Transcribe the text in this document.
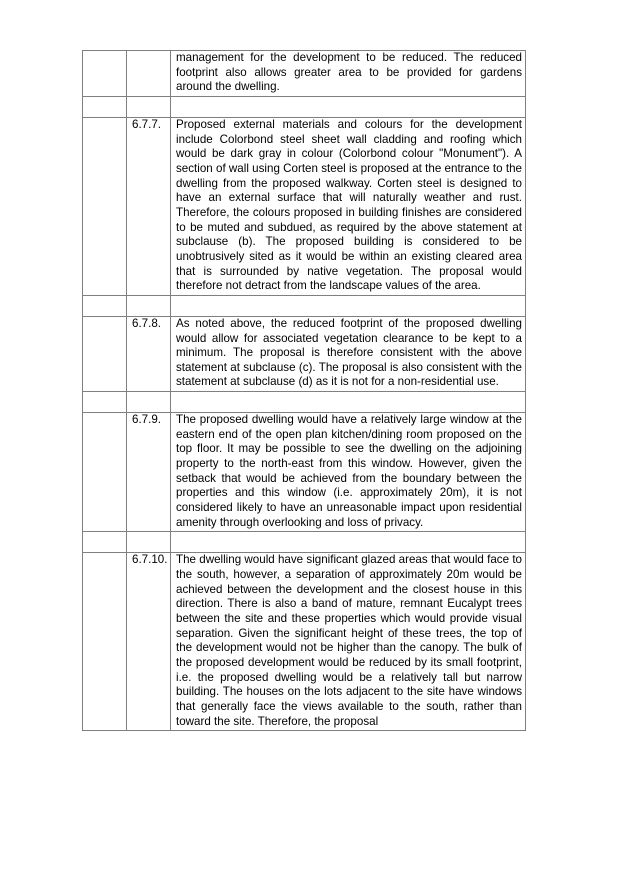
		management for the development to be reduced. The reduced footprint also allows greater area to be provided for gardens around the dwelling.

	6.7.7.	Proposed external materials and colours for the development include Colorbond steel sheet wall cladding and roofing which would be dark gray in colour (Colorbond colour "Monument"). A section of wall using Corten steel is proposed at the entrance to the dwelling from the proposed walkway. Corten steel is designed to have an external surface that will naturally weather and rust. Therefore, the colours proposed in building finishes are considered to be muted and subdued, as required by the above statement at subclause (b). The proposed building is considered to be unobtrusively sited as it would be within an existing cleared area that is surrounded by native vegetation. The proposal would therefore not detract from the landscape values of the area.

	6.7.8.	As noted above, the reduced footprint of the proposed dwelling would allow for associated vegetation clearance to be kept to a minimum. The proposal is therefore consistent with the above statement at subclause (c). The proposal is also consistent with the statement at subclause (d) as it is not for a non-residential use.

	6.7.9.	The proposed dwelling would have a relatively large window at the eastern end of the open plan kitchen/dining room proposed on the top floor. It may be possible to see the dwelling on the adjoining property to the north-east from this window. However, given the setback that would be achieved from the boundary between the properties and this window (i.e. approximately 20m), it is not considered likely to have an unreasonable impact upon residential amenity through overlooking and loss of privacy.

	6.7.10.	The dwelling would have significant glazed areas that would face to the south, however, a separation of approximately 20m would be achieved between the development and the closest house in this direction. There is also a band of mature, remnant Eucalypt trees between the site and these properties which would provide visual separation. Given the significant height of these trees, the top of the development would not be higher than the canopy. The bulk of the proposed development would be reduced by its small footprint, i.e. the proposed dwelling would be a relatively tall but narrow building. The houses on the lots adjacent to the site have windows that generally face the views available to the south, rather than toward the site. Therefore, the proposal
